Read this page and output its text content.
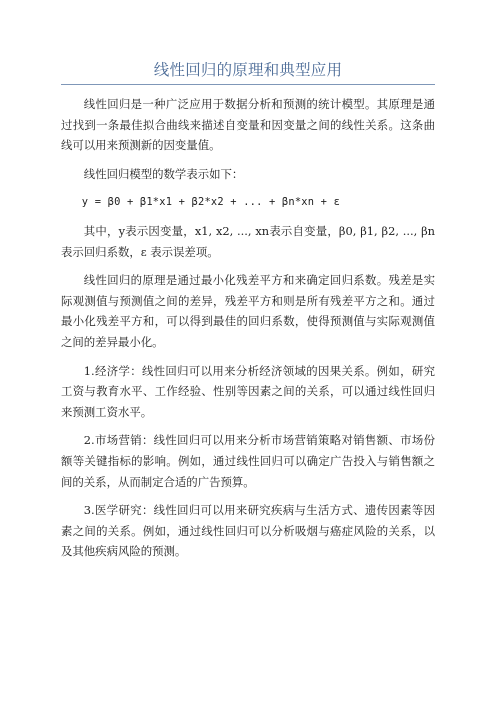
线性回归的原理和典型应用

线性回归是一种广泛应用于数据分析和预测的统计模型。其原理是通过找到一条最佳拟合曲线来描述自变量和因变量之间的线性关系。这条曲线可以用来预测新的因变量值。

线性回归模型的数学表示如下：

y = β0 + β1*x1 + β2*x2 + ... + βn*xn + ε

其中，y表示因变量，x1, x2, ..., xn表示自变量，β0, β1, β2, ..., βn表示回归系数，ε 表示误差项。

线性回归的原理是通过最小化残差平方和来确定回归系数。残差是实际观测值与预测值之间的差异，残差平方和则是所有残差平方之和。通过最小化残差平方和，可以得到最佳的回归系数，使得预测值与实际观测值之间的差异最小化。

1.经济学：线性回归可以用来分析经济领域的因果关系。例如，研究工资与教育水平、工作经验、性别等因素之间的关系，可以通过线性回归来预测工资水平。

2.市场营销：线性回归可以用来分析市场营销策略对销售额、市场份额等关键指标的影响。例如，通过线性回归可以确定广告投入与销售额之间的关系，从而制定合适的广告预算。

3.医学研究：线性回归可以用来研究疾病与生活方式、遗传因素等因素之间的关系。例如，通过线性回归可以分析吸烟与癌症风险的关系，以及其他疾病风险的预测。
